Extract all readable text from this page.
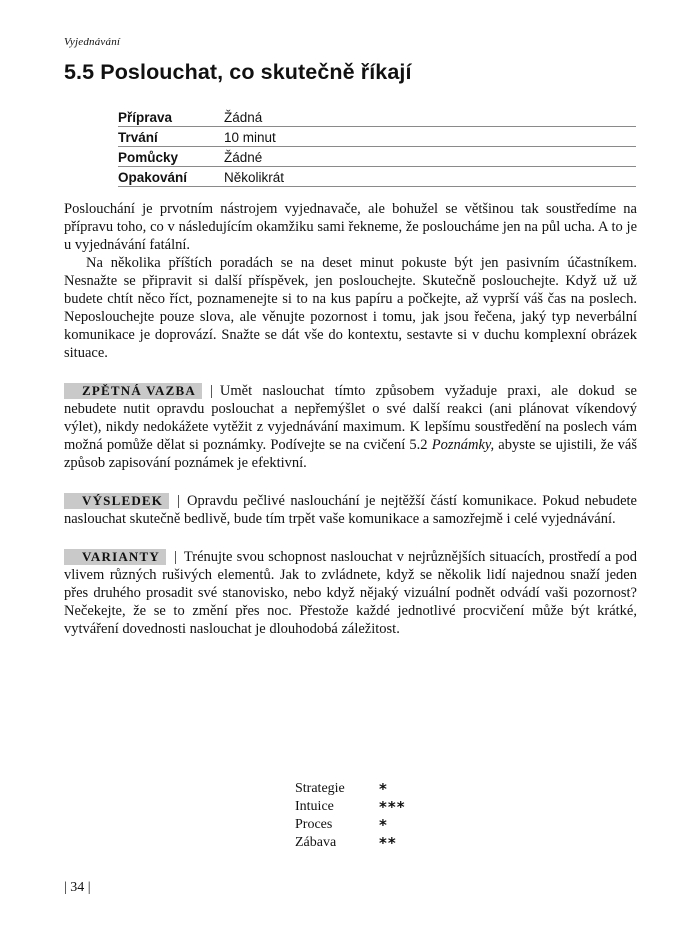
Vyjednávání
5.5 Poslouchat, co skutečně říkají
Příprava	Žádná
Trvání	10 minut
Pomůcky	Žádné
Opakování	Několikrát

Poslouchání je prvotním nástrojem vyjednavače, ale bohužel se většinou tak soustředíme na přípravu toho, co v následujícím okamžiku sami řekneme, že posloucháme jen na půl ucha. A to je u vyjednávání fatální.

Na několika příštích poradách se na deset minut pokuste být jen pasivním účastníkem. Nesnažte se připravit si další příspěvek, jen poslouchejte. Skutečně poslouchejte. Když už už budete chtít něco říct, poznamenejte si to na kus papíru a počkejte, až vyprší váš čas na poslech. Neposlouchejte pouze slova, ale věnujte pozornost i tomu, jak jsou řečena, jaký typ neverbální komunikace je doprovází. Snažte se dát vše do kontextu, sestavte si v duchu komplexní obrázek situace.

ZPĚTNÁ VAZBA | Umět naslouchat tímto způsobem vyžaduje praxi, ale dokud se nebudete nutit opravdu poslouchat a nepřemýšlet o své další reakci (ani plánovat víkendový výlet), nikdy nedokážete vytěžit z vyjednávání maximum. K lepšímu soustředění na poslech vám možná pomůže dělat si poznámky. Podívejte se na cvičení 5.2 Poznámky, abyste se ujistili, že váš způsob zapisování poznámek je efektivní.

VÝSLEDEK | Opravdu pečlivé naslouchání je nejtěžší částí komunikace. Pokud nebudete naslouchat skutečně bedlivě, bude tím trpět vaše komunikace a samozřejmě i celé vyjednávání.

VARIANTY | Trénujte svou schopnost naslouchat v nejrůznějších situacích, prostředí a pod vlivem různých rušivých elementů. Jak to zvládnete, když se několik lidí najednou snaží jeden přes druhého prosadit své stanovisko, nebo když nějaký vizuální podnět odvádí vaši pozornost? Nečekejte, že se to změní přes noc. Přestože každé jednotlivé procvičení může být krátké, vytváření dovednosti naslouchat je dlouhodobá záležitost.

Strategie	*
Intuice	***
Proces	*
Zábava	**
| 34 |
